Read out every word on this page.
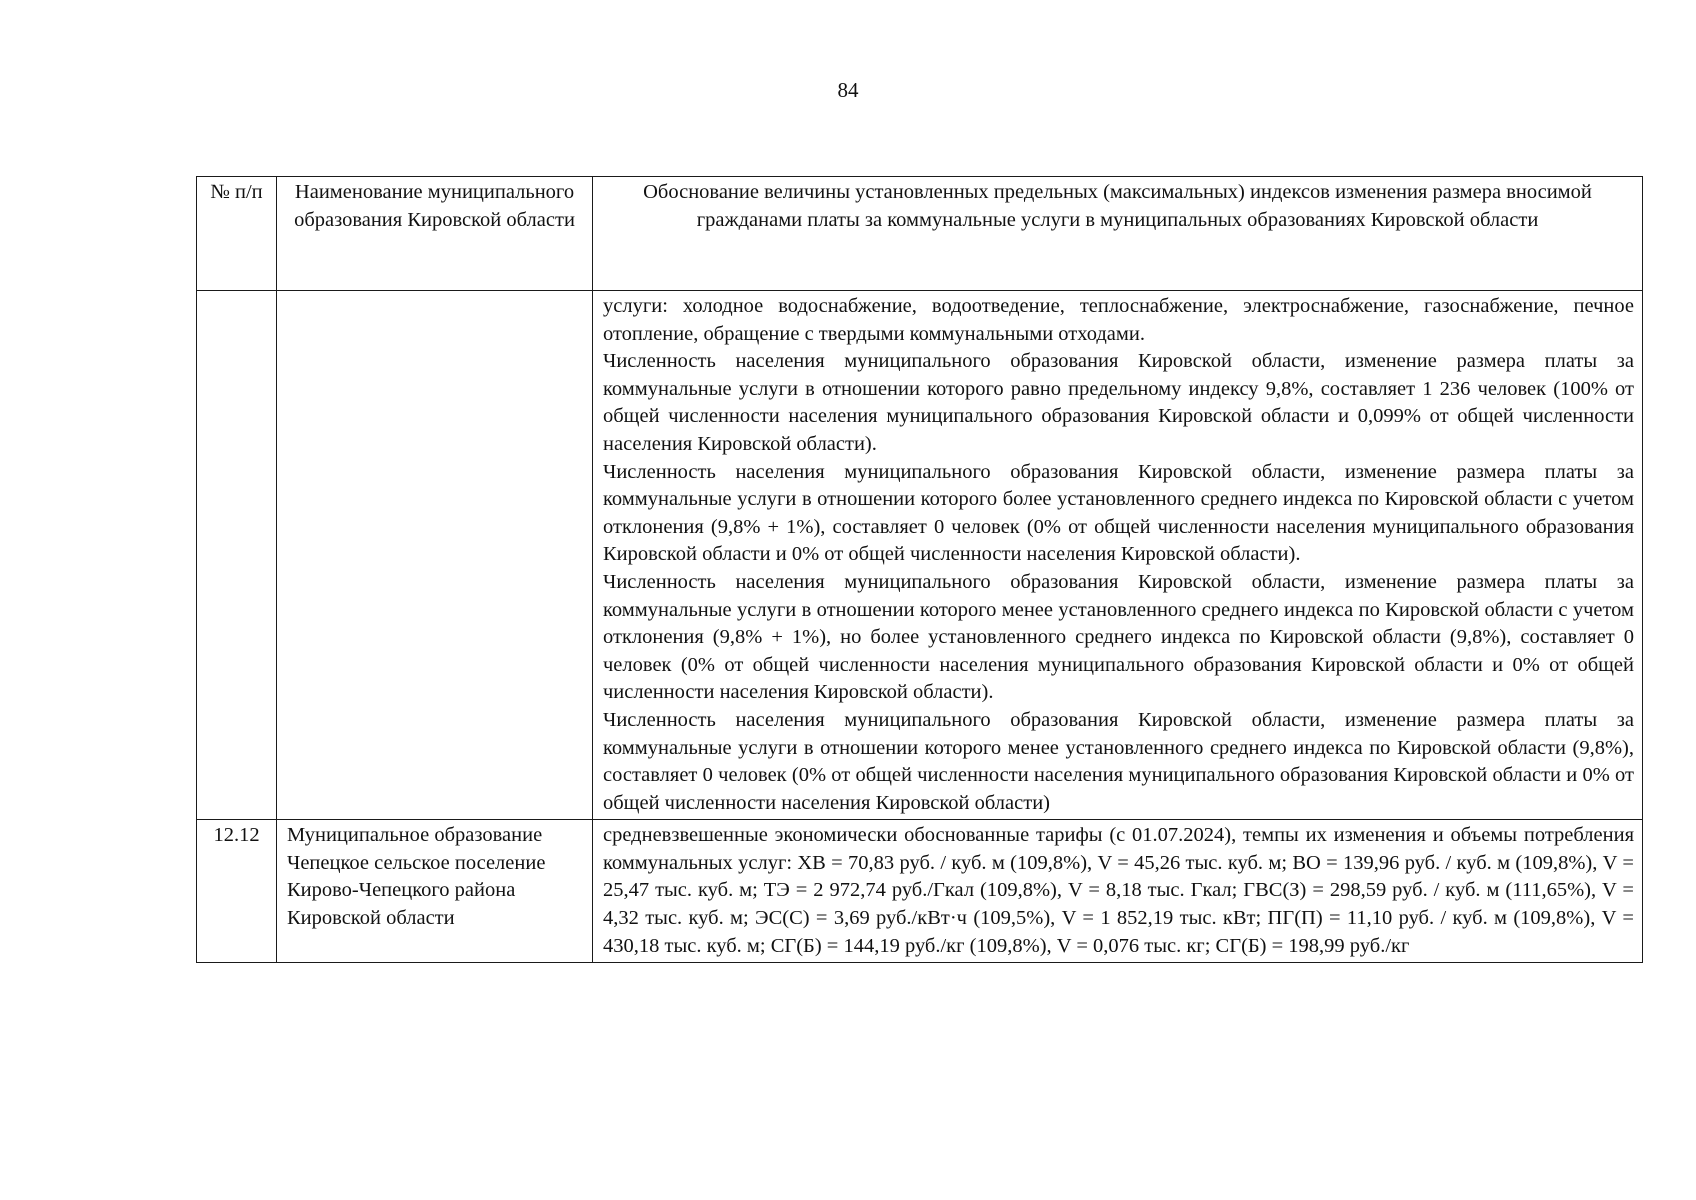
84
№ п/п	Наименование муниципального образования Кировской области	Обоснование величины установленных предельных (максимальных) индексов изменения размера вносимой гражданами платы за коммунальные услуги в муниципальных образованиях Кировской области

		услуги: холодное водоснабжение, водоотведение, теплоснабжение, электроснабжение, газоснабжение, печное отопление, обращение с твердыми коммунальными отходами.

Численность населения муниципального образования Кировской области, изменение размера платы за коммунальные услуги в отношении которого равно предельному индексу 9,8%, составляет 1 236 человек (100% от общей численности населения муниципального образования Кировской области и 0,099% от общей численности населения Кировской области).

Численность населения муниципального образования Кировской области, изменение размера платы за коммунальные услуги в отношении которого более установленного среднего индекса по Кировской области с учетом отклонения (9,8% + 1%), составляет 0 человек (0% от общей численности населения муниципального образования Кировской области и 0% от общей численности населения Кировской области).

Численность населения муниципального образования Кировской области, изменение размера платы за коммунальные услуги в отношении которого менее установленного среднего индекса по Кировской области с учетом отклонения (9,8% + 1%), но более установленного среднего индекса по Кировской области (9,8%), составляет 0 человек (0% от общей численности населения муниципального образования Кировской области и 0% от общей численности населения Кировской области).

Численность населения муниципального образования Кировской области, изменение размера платы за коммунальные услуги в отношении которого менее установленного среднего индекса по Кировской области (9,8%), составляет 0 человек (0% от общей численности населения муниципального образования Кировской области и 0% от общей численности населения Кировской области)

12.12	Муниципальное образование Чепецкое сельское поселение Кирово-Чепецкого района Кировской области	средневзвешенные экономически обоснованные тарифы (с 01.07.2024), темпы их изменения и объемы потребления коммунальных услуг: ХВ = 70,83 руб. / куб. м (109,8%), V = 45,26 тыс. куб. м; ВО = 139,96 руб. / куб. м (109,8%), V = 25,47 тыс. куб. м; ТЭ = 2 972,74 руб./Гкал (109,8%), V = 8,18 тыс. Гкал; ГВС(З) = 298,59 руб. / куб. м (111,65%), V = 4,32 тыс. куб. м; ЭС(С) = 3,69 руб./кВт·ч (109,5%), V = 1 852,19 тыс. кВт; ПГ(П) = 11,10 руб. / куб. м (109,8%), V = 430,18 тыс. куб. м; СГ(Б) = 144,19 руб./кг (109,8%), V = 0,076 тыс. кг; СГ(Б) = 198,99 руб./кг
